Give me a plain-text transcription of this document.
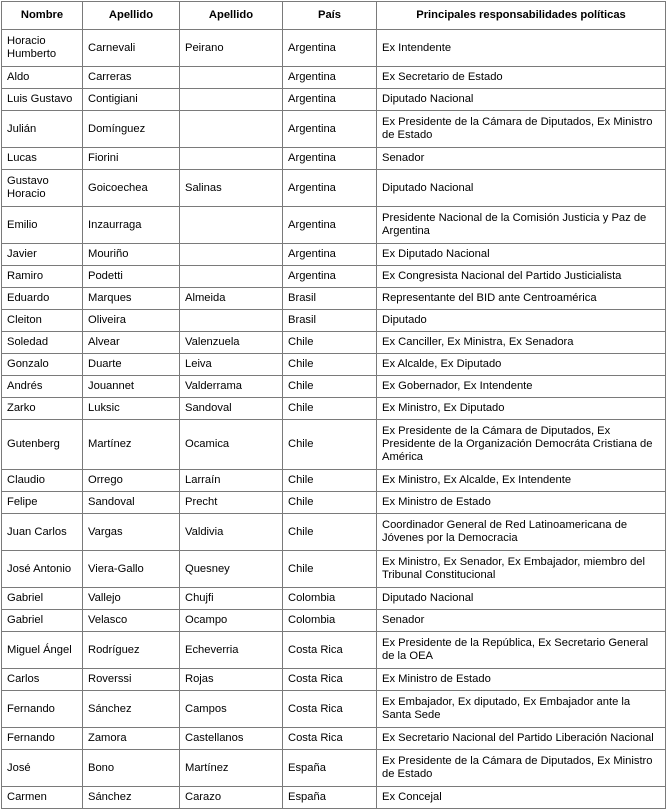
Nombre	Apellido	Apellido	País	Principales responsabilidades políticas
Horacio Humberto	Carnevali	Peirano	Argentina	Ex Intendente
Aldo	Carreras		Argentina	Ex Secretario de Estado
Luis Gustavo	Contigiani		Argentina	Diputado Nacional
Julián	Domínguez		Argentina	Ex Presidente de la Cámara de Diputados, Ex Ministro de Estado
Lucas	Fiorini		Argentina	Senador
Gustavo Horacio	Goicoechea	Salinas	Argentina	Diputado Nacional
Emilio	Inzaurraga		Argentina	Presidente Nacional de la Comisión Justicia y Paz de Argentina
Javier	Mouriño		Argentina	Ex Diputado Nacional
Ramiro	Podetti		Argentina	Ex Congresista Nacional del Partido Justicialista
Eduardo	Marques	Almeida	Brasil	Representante del BID ante Centroamérica
Cleiton	Oliveira		Brasil	Diputado
Soledad	Alvear	Valenzuela	Chile	Ex Canciller, Ex Ministra, Ex Senadora
Gonzalo	Duarte	Leiva	Chile	Ex Alcalde, Ex Diputado
Andrés	Jouannet	Valderrama	Chile	Ex Gobernador, Ex Intendente
Zarko	Luksic	Sandoval	Chile	Ex Ministro, Ex Diputado
Gutenberg	Martínez	Ocamica	Chile	Ex Presidente de la Cámara de Diputados, Ex Presidente de la Organización Democráta Cristiana de América
Claudio	Orrego	Larraín	Chile	Ex Ministro, Ex Alcalde, Ex Intendente
Felipe	Sandoval	Precht	Chile	Ex Ministro de Estado
Juan Carlos	Vargas	Valdivia	Chile	Coordinador General de Red Latinoamericana de Jóvenes por la Democracia
José Antonio	Viera-Gallo	Quesney	Chile	Ex Ministro, Ex Senador, Ex Embajador, miembro del Tribunal Constitucional
Gabriel	Vallejo	Chujfi	Colombia	Diputado Nacional
Gabriel	Velasco	Ocampo	Colombia	Senador
Miguel Ángel	Rodríguez	Echeverria	Costa Rica	Ex Presidente de la República, Ex Secretario General de la OEA
Carlos	Roverssi	Rojas	Costa Rica	Ex Ministro de Estado
Fernando	Sánchez	Campos	Costa Rica	Ex Embajador, Ex diputado, Ex Embajador ante la Santa Sede
Fernando	Zamora	Castellanos	Costa Rica	Ex Secretario Nacional del Partido Liberación Nacional
José	Bono	Martínez	España	Ex Presidente de la Cámara de Diputados, Ex Ministro de Estado
Carmen	Sánchez	Carazo	España	Ex Concejal
